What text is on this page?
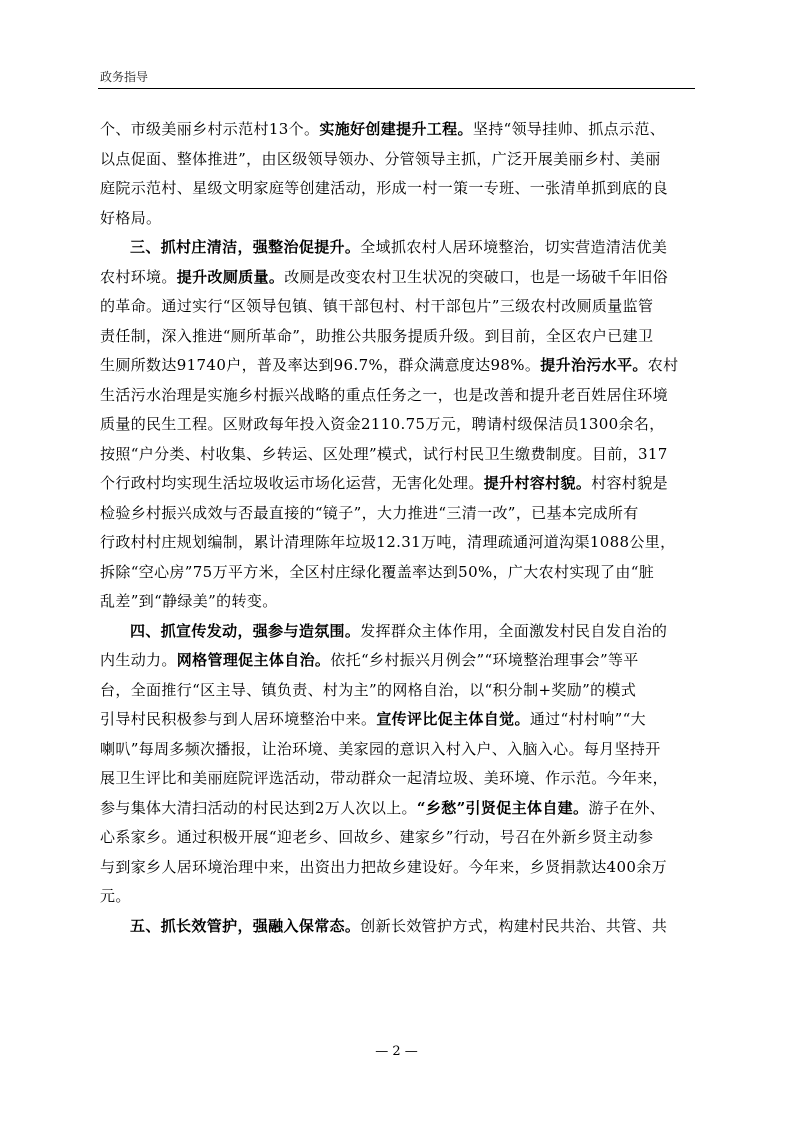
政务指导
个、市级美丽乡村示范村13个。实施好创建提升工程。坚持“领导挂帅、抓点示范、
以点促面、整体推进”，由区级领导领办、分管领导主抓，广泛开展美丽乡村、美丽
庭院示范村、星级文明家庭等创建活动，形成一村一策一专班、一张清单抓到底的良
好格局。
三、抓村庄清洁，强整治促提升。全域抓农村人居环境整治，切实营造清洁优美
农村环境。提升改厕质量。改厕是改变农村卫生状况的突破口，也是一场破千年旧俗
的革命。通过实行“区领导包镇、镇干部包村、村干部包片”三级农村改厕质量监管
责任制，深入推进“厕所革命”，助推公共服务提质升级。到目前，全区农户已建卫
生厕所数达91740户，普及率达到96.7%，群众满意度达98%。提升治污水平。农村
生活污水治理是实施乡村振兴战略的重点任务之一，也是改善和提升老百姓居住环境
质量的民生工程。区财政每年投入资金2110.75万元，聘请村级保洁员1300余名，
按照“户分类、村收集、乡转运、区处理”模式，试行村民卫生缴费制度。目前，317
个行政村均实现生活垃圾收运市场化运营，无害化处理。提升村容村貌。村容村貌是
检验乡村振兴成效与否最直接的“镜子”，大力推进“三清一改”，已基本完成所有
行政村村庄规划编制，累计清理陈年垃圾12.31万吨，清理疏通河道沟渠1088公里，
拆除“空心房”75万平方米，全区村庄绿化覆盖率达到50%，广大农村实现了由“脏
乱差”到“静绿美”的转变。
四、抓宣传发动，强参与造氛围。发挥群众主体作用，全面激发村民自发自治的
内生动力。网格管理促主体自治。依托“乡村振兴月例会”“环境整治理事会”等平
台，全面推行“区主导、镇负责、村为主”的网格自治，以“积分制+奖励”的模式
引导村民积极参与到人居环境整治中来。宣传评比促主体自觉。通过“村村响”“大
喇叭”每周多频次播报，让治环境、美家园的意识入村入户、入脑入心。每月坚持开
展卫生评比和美丽庭院评选活动，带动群众一起清垃圾、美环境、作示范。今年来，
参与集体大清扫活动的村民达到2万人次以上。“乡愁”引贤促主体自建。游子在外、
心系家乡。通过积极开展“迎老乡、回故乡、建家乡”行动，号召在外新乡贤主动参
与到家乡人居环境治理中来，出资出力把故乡建设好。今年来，乡贤捐款达400余万
元。
五、抓长效管护，强融入保常态。创新长效管护方式，构建村民共治、共管、共
— 2 —
